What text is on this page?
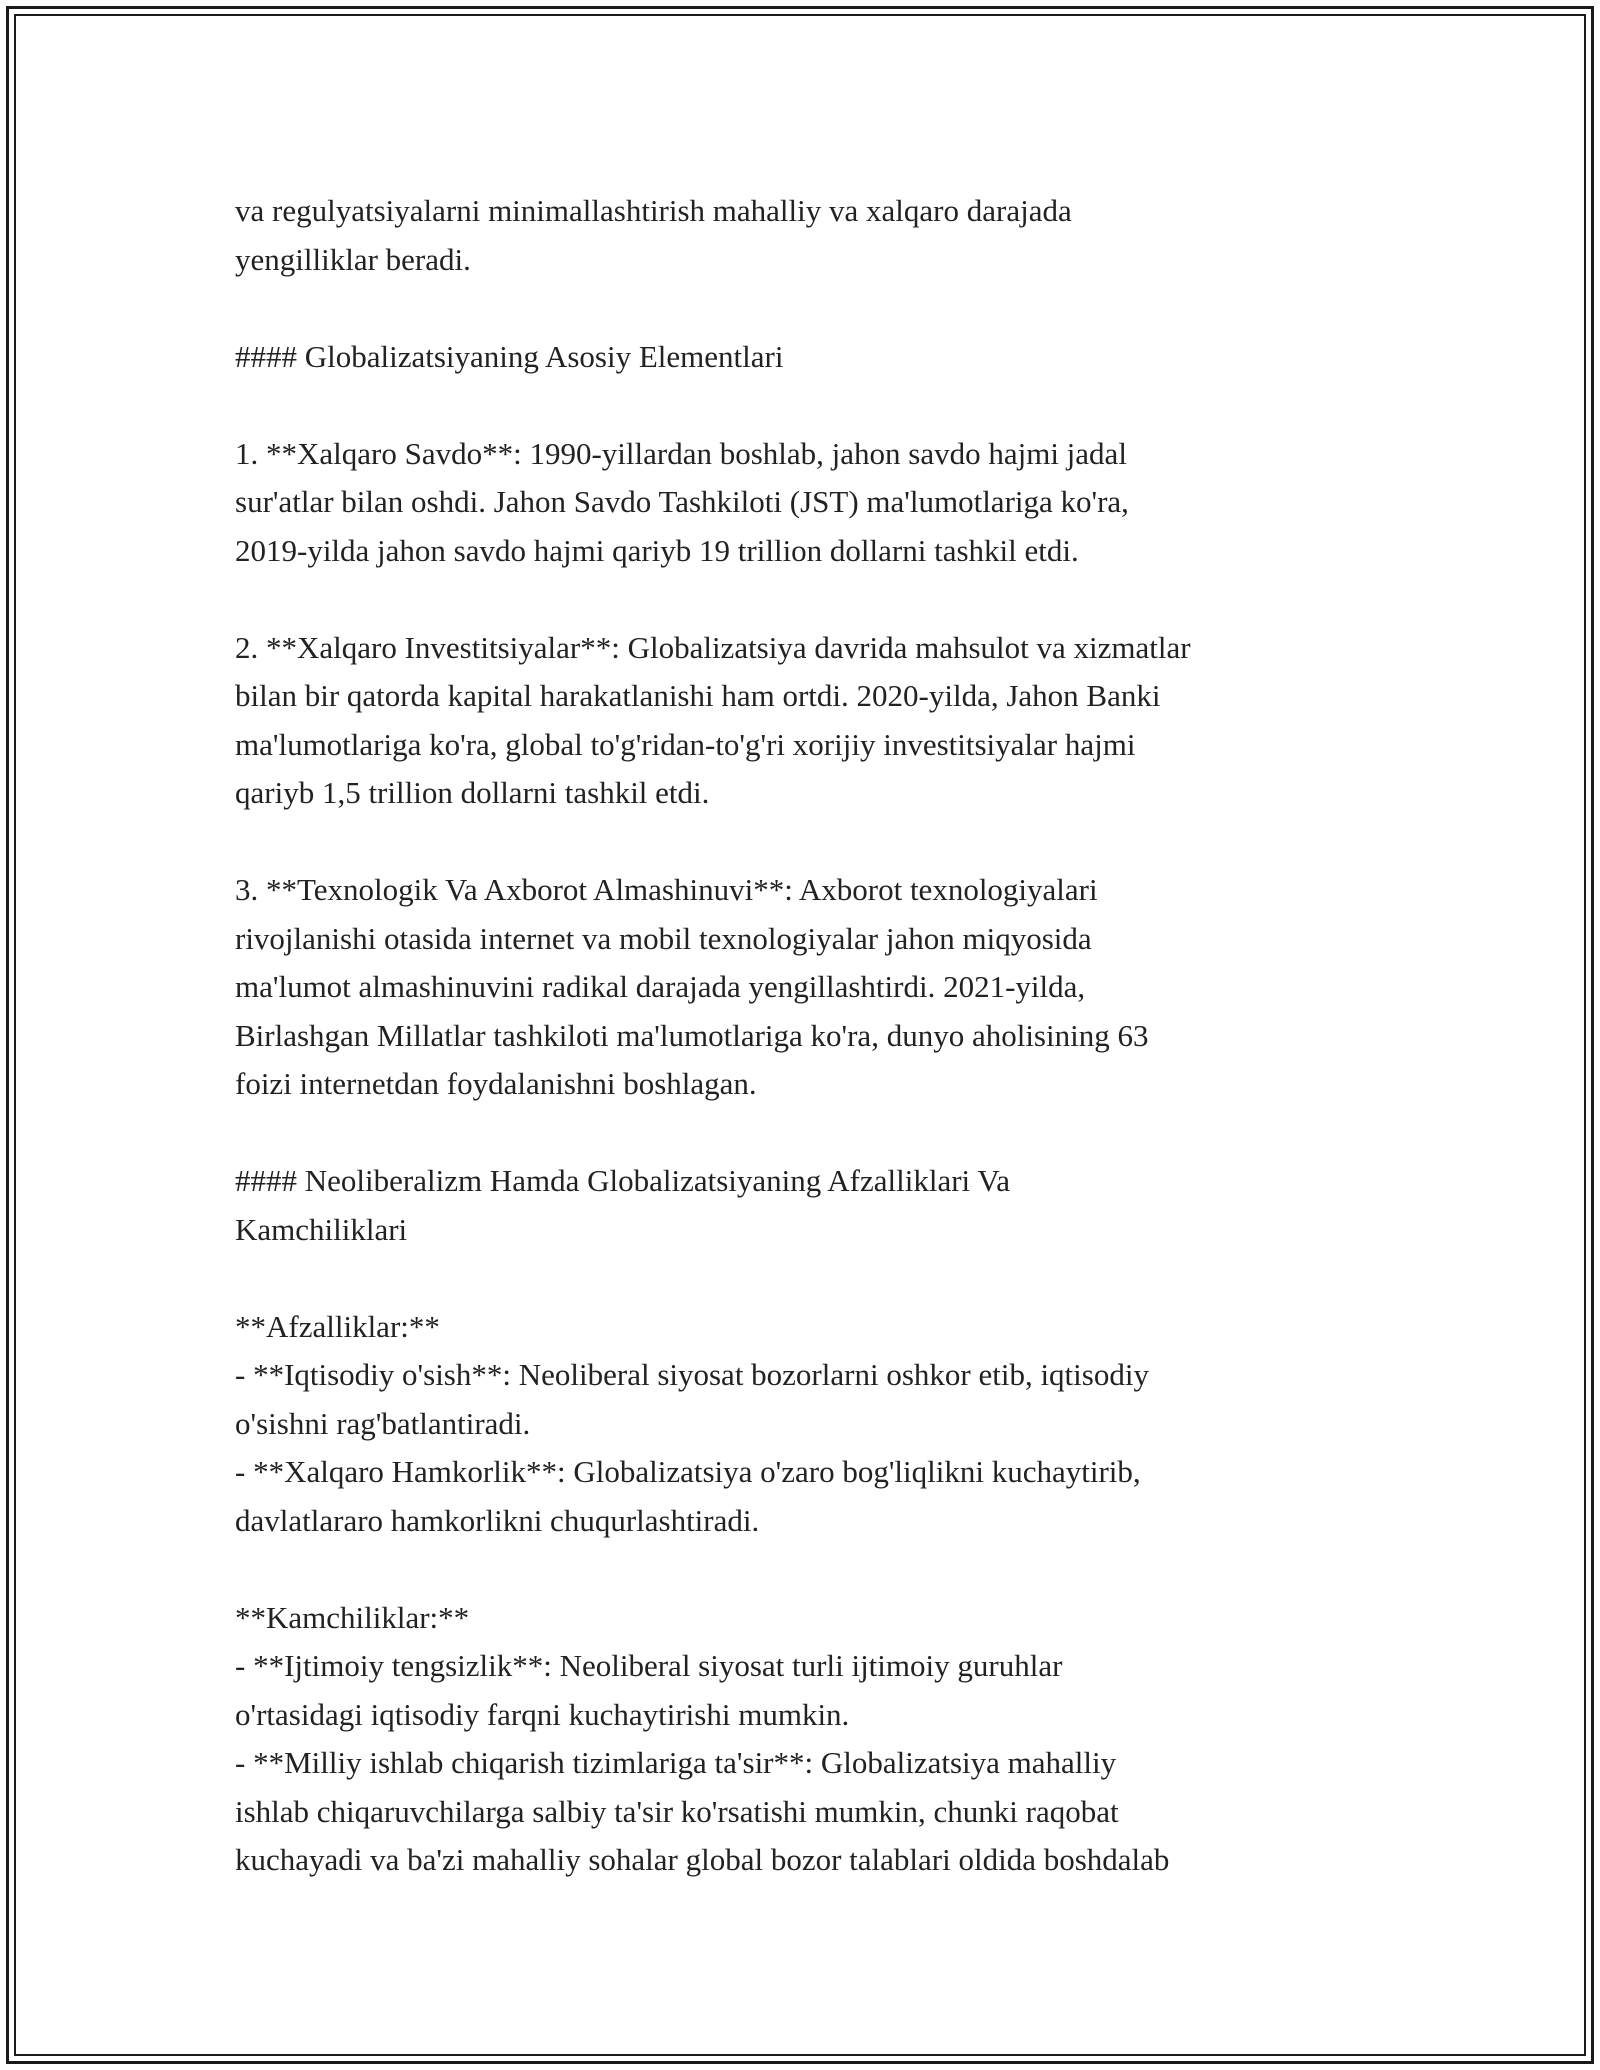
va regulyatsiyalarni minimallashtirish mahalliy va xalqaro darajada
yengilliklar beradi.
#### Globalizatsiyaning Asosiy Elementlari
1. **Xalqaro Savdo**: 1990-yillardan boshlab, jahon savdo hajmi jadal
sur'atlar bilan oshdi. Jahon Savdo Tashkiloti (JST) ma'lumotlariga ko'ra,
2019-yilda jahon savdo hajmi qariyb 19 trillion dollarni tashkil etdi.
2. **Xalqaro Investitsiyalar**: Globalizatsiya davrida mahsulot va xizmatlar
bilan bir qatorda kapital harakatlanishi ham ortdi. 2020-yilda, Jahon Banki
ma'lumotlariga ko'ra, global to'g'ridan-to'g'ri xorijiy investitsiyalar hajmi
qariyb 1,5 trillion dollarni tashkil etdi.
3. **Texnologik Va Axborot Almashinuvi**: Axborot texnologiyalari
rivojlanishi otasida internet va mobil texnologiyalar jahon miqyosida
ma'lumot almashinuvini radikal darajada yengillashtirdi. 2021-yilda,
Birlashgan Millatlar tashkiloti ma'lumotlariga ko'ra, dunyo aholisining 63
foizi internetdan foydalanishni boshlagan.
#### Neoliberalizm Hamda Globalizatsiyaning Afzalliklari Va
Kamchiliklari
**Afzalliklar:**
- **Iqtisodiy o'sish**: Neoliberal siyosat bozorlarni oshkor etib, iqtisodiy
o'sishni rag'batlantiradi.
- **Xalqaro Hamkorlik**: Globalizatsiya o'zaro bog'liqlikni kuchaytirib,
davlatlararo hamkorlikni chuqurlashtiradi.
**Kamchiliklar:**
- **Ijtimoiy tengsizlik**: Neoliberal siyosat turli ijtimoiy guruhlar
o'rtasidagi iqtisodiy farqni kuchaytirishi mumkin.
- **Milliy ishlab chiqarish tizimlariga ta'sir**: Globalizatsiya mahalliy
ishlab chiqaruvchilarga salbiy ta'sir ko'rsatishi mumkin, chunki raqobat
kuchayadi va ba'zi mahalliy sohalar global bozor talablari oldida boshdalab
